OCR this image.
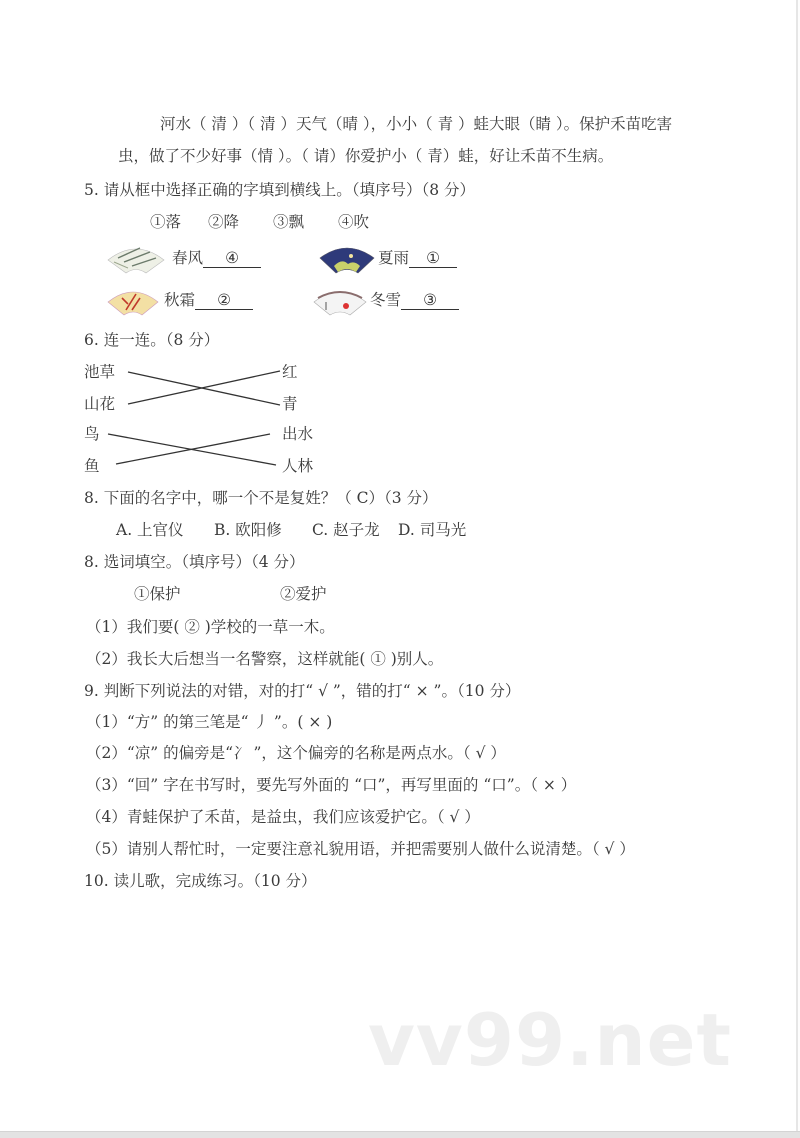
河水（ 清 ）（ 清 ）天气（晴 ），小小（ 青 ）蛙大眼（睛 ）。保护禾苗吃害
虫，做了不少好事（情 ）。（ 请）你爱护小（ 青）蛙，好让禾苗不生病。
5. 请从框中选择正确的字填到横线上。（填序号）（8 分）
①落 ②降 ③飘 ④吹
春风 ④	夏雨 ①
秋霜 ②	冬雪 ③
6. 连一连。（8 分）
池草
山花
鸟
鱼
红
青
出水
人林
8. 下面的名字中，哪一个不是复姓？（ C）（3 分）
A. 上官仪 B. 欧阳修 C. 赵子龙 D. 司马光
8. 选词填空。（填序号）（4 分）
①保护	②爱护
（1）我们要( ② )学校的一草一木。
（2）我长大后想当一名警察，这样就能( ① )别人。
9. 判断下列说法的对错，对的打“ √ ”，错的打“ × ”。（10 分）
（1）“方” 的第三笔是“ 丿 ”。( × )
（2）“凉” 的偏旁是“冫 ”，这个偏旁的名称是两点水。（ √ ）
（3）“回” 字在书写时，要先写外面的 “口”，再写里面的 “口”。（ × ）
（4）青蛙保护了禾苗，是益虫，我们应该爱护它。（ √ ）
（5）请别人帮忙时，一定要注意礼貌用语，并把需要别人做什么说清楚。（ √ ）
10. 读儿歌，完成练习。（10 分）
vv99.net
